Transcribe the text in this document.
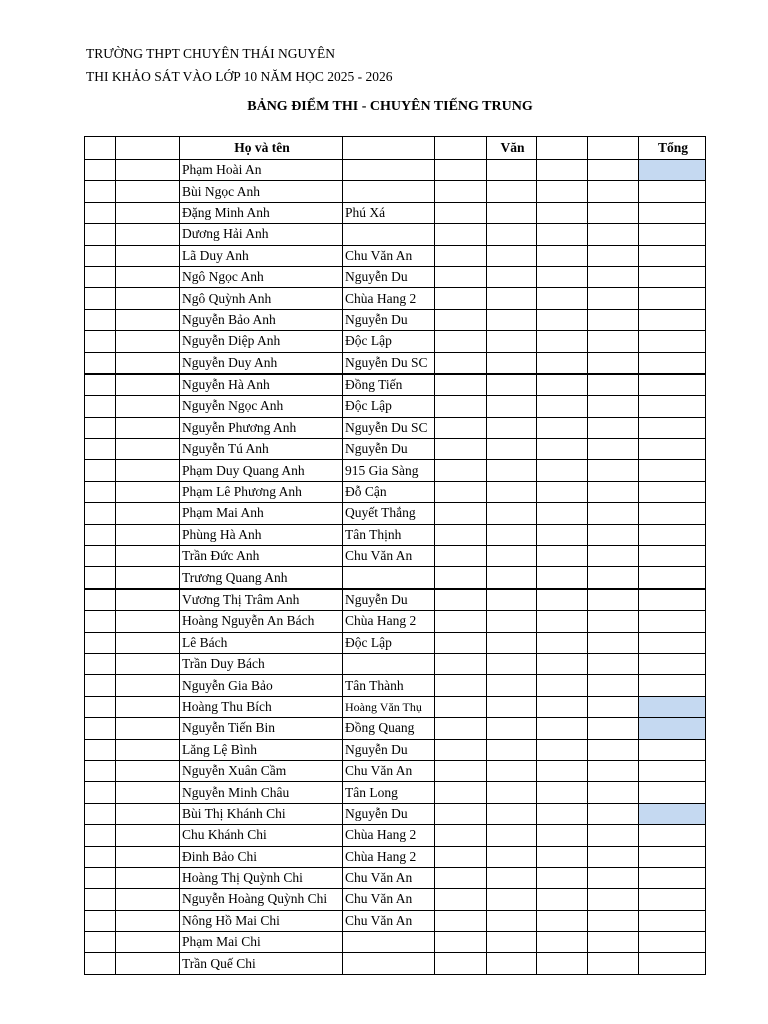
TRƯỜNG THPT CHUYÊN THÁI NGUYÊN
THI KHẢO SÁT VÀO LỚP 10 NĂM HỌC 2025 - 2026
BẢNG ĐIỂM THI - CHUYÊN TIẾNG TRUNG
		Họ và tên			Văn			Tổng
		Phạm Hoài An						
		Bùi Ngọc Anh						
		Đặng Minh Anh	Phú Xá					
		Dương Hải Anh						
		Lã Duy Anh	Chu Văn An					
		Ngô Ngọc Anh	Nguyễn Du					
		Ngô Quỳnh Anh	Chùa Hang 2					
		Nguyễn Bảo Anh	Nguyễn Du					
		Nguyễn Diệp Anh	Độc Lập					
		Nguyễn Duy Anh	Nguyễn Du SC					
		Nguyễn Hà Anh	Đồng Tiến					
		Nguyễn Ngọc Anh	Độc Lập					
		Nguyễn Phương Anh	Nguyễn Du SC					
		Nguyễn Tú Anh	Nguyễn Du					
		Phạm Duy Quang Anh	915 Gia Sàng					
		Phạm Lê Phương Anh	Đỗ Cận					
		Phạm Mai Anh	Quyết Thắng					
		Phùng Hà Anh	Tân Thịnh					
		Trần Đức Anh	Chu Văn An					
		Trương Quang Anh						
		Vương Thị Trâm Anh	Nguyễn Du					
		Hoàng Nguyễn An Bách	Chùa Hang 2					
		Lê Bách	Độc Lập					
		Trần Duy Bách						
		Nguyễn Gia Bảo	Tân Thành					
		Hoàng Thu Bích	Hoàng Văn Thụ					
		Nguyễn Tiến Bin	Đồng Quang					
		Lăng Lệ Bình	Nguyễn Du					
		Nguyễn Xuân Cầm	Chu Văn An					
		Nguyễn Minh Châu	Tân Long					
		Bùi Thị Khánh Chi	Nguyễn Du					
		Chu Khánh Chi	Chùa Hang 2					
		Đinh Bảo Chi	Chùa Hang 2					
		Hoàng Thị Quỳnh Chi	Chu Văn An					
		Nguyễn Hoàng Quỳnh Chi	Chu Văn An					
		Nông Hồ Mai Chi	Chu Văn An					
		Phạm Mai Chi						
		Trần Quế Chi						
